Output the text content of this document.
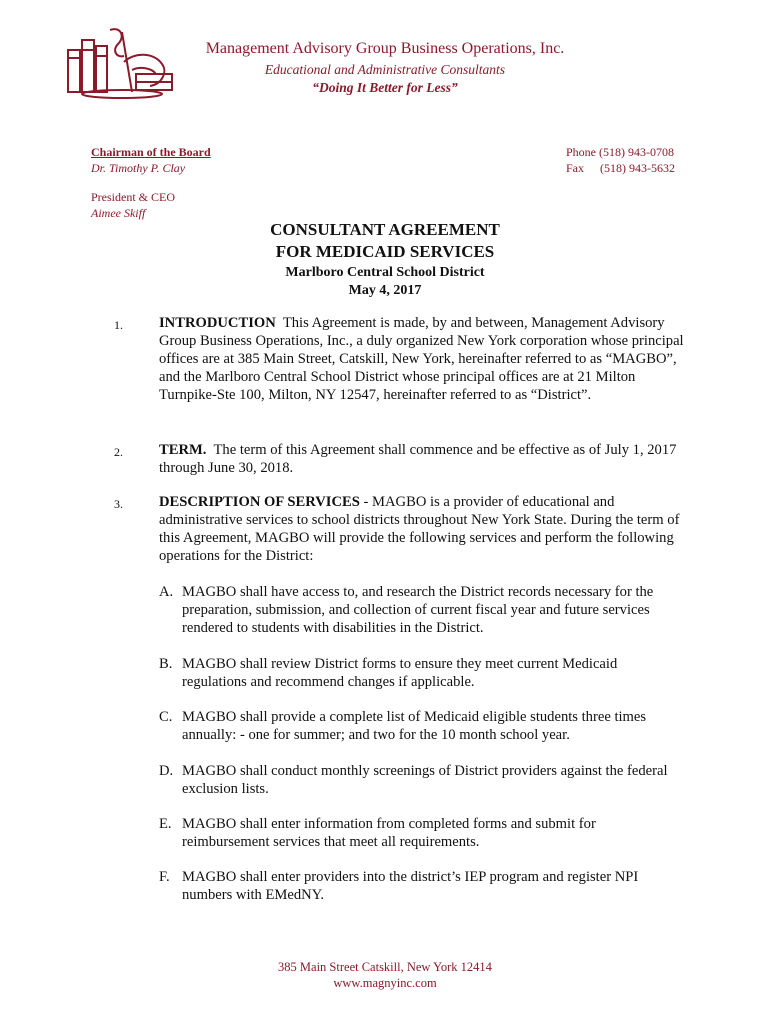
Management Advisory Group Business Operations, Inc.
Educational and Administrative Consultants
“Doing It Better for Less”
Chairman of the Board
Dr. Timothy P. Clay
President & CEO
Aimee Skiff
Phone (518) 943-0708
Fax (518) 943-5632
CONSULTANT AGREEMENT
FOR MEDICAID SERVICES
Marlboro Central School District
May 4, 2017
1. INTRODUCTION This Agreement is made, by and between, Management Advisory Group Business Operations, Inc., a duly organized New York corporation whose principal offices are at 385 Main Street, Catskill, New York, hereinafter referred to as “MAGBO”, and the Marlboro Central School District whose principal offices are at 21 Milton Turnpike-Ste 100, Milton, NY 12547, hereinafter referred to as “District”.
2. TERM. The term of this Agreement shall commence and be effective as of July 1, 2017 through June 30, 2018.
3. DESCRIPTION OF SERVICES - MAGBO is a provider of educational and administrative services to school districts throughout New York State. During the term of this Agreement, MAGBO will provide the following services and perform the following operations for the District:
A. MAGBO shall have access to, and research the District records necessary for the preparation, submission, and collection of current fiscal year and future services rendered to students with disabilities in the District.
B. MAGBO shall review District forms to ensure they meet current Medicaid regulations and recommend changes if applicable.
C. MAGBO shall provide a complete list of Medicaid eligible students three times annually: - one for summer; and two for the 10 month school year.
D. MAGBO shall conduct monthly screenings of District providers against the federal exclusion lists.
E. MAGBO shall enter information from completed forms and submit for reimbursement services that meet all requirements.
F. MAGBO shall enter providers into the district’s IEP program and register NPI numbers with EMedNY.
385 Main Street Catskill, New York 12414
www.magnyinc.com
